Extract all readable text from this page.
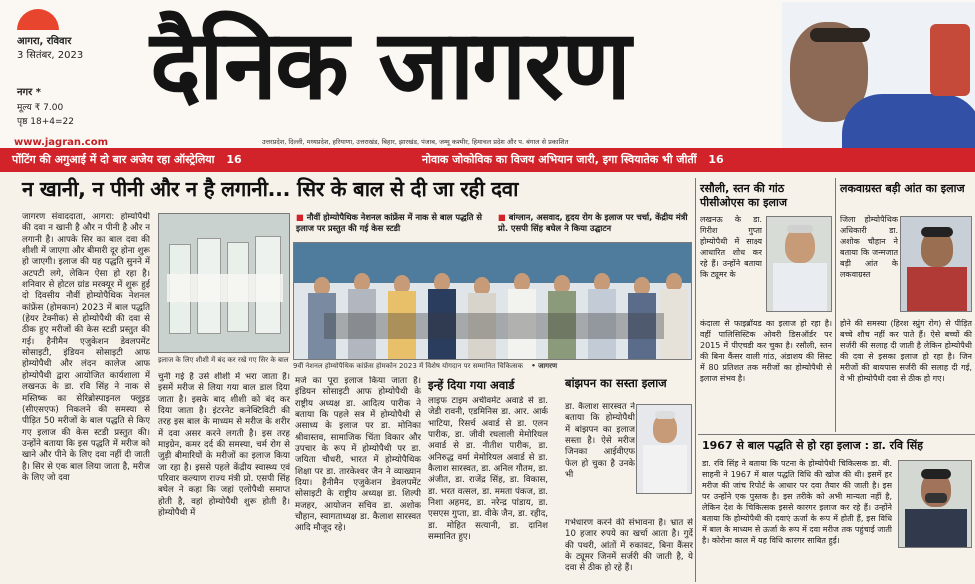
आगरा, रविवार
3 सितंबर, 2023
नगर *
मूल्य ₹ 7.00
पृष्ठ 18+4=22
दैनिक जागरण
उत्तरप्रदेश, दिल्ली, मध्यप्रदेश, हरियाणा, उत्तराखंड, बिहार, झारखंड, पंजाब, जम्मू कश्मीर, हिमाचल प्रदेश और प. बंगाल से प्रकाशित
www.jagran.com
पोंटिंग की अगुआई में दो बार अजेय रहा ऑस्ट्रेलिया 16	नोवाक जोकोविक का विजय अभियान जारी, इगा स्वियातेक भी जीतीं 16
न खानी, न पीनी और न है लगानी... सिर के बाल से दी जा रही दवा
जागरण संवाददाता, आगरा: होम्योपैथी की दवा न खानी है और न पीनी है और न लगानी है। आपके सिर का बाल दवा की शीशी में जाएगा और बीमारी दूर होना शुरू हो जाएगी। इलाज की यह पद्धति सुनने में अटपटी लगे, लेकिन ऐसा हो रहा है। शनिवार से होटल ग्रांड मरक्यूर में शुरू हुई दो दिवसीय नौवीं होम्योपैथिक नेशनल कांफ्रेंस (होमकान) 2023 में बाल पद्धति (हेयर टेक्नीक) से होम्योपैथी की दवा से ठीक हुए मरीजों की केस स्टडी प्रस्तुत की गई। हैनीमैन एजुकेशन डेवलपमेंट सोसाइटी, इंडियन सोसाइटी आफ होम्योपैथी और लंदन कालेज आफ होम्योपैथी द्वारा आयोजित कार्यशाला में लखनऊ के डा. रवि सिंह ने नाक से मस्तिष्क का सेरिब्रोस्पाइनल फ्लूइड (सीएसएफ) निकलने की समस्या से पीड़ित 50 मरीजों के बाल पद्धति से किए गए इलाज की केस स्टडी प्रस्तुत की। उन्होंने बताया कि इस पद्धति में मरीज को खाने और पीने के लिए दवा नहीं दी जाती है। सिर से एक बाल लिया जाता है, मरीज के लिए जो दवा
इलाज के लिए शीशी में बंद कर रखे गए सिर के बाल
■ नौवीं होम्योपैथिक नेशनल कांफ्रेंस में नाक से बाल पद्धति से इलाज पर प्रस्तुत की गई केस स्टडी
■ बांग्लान, असवाद, हृदय रोग के इलाज पर चर्चा, केंद्रीय मंत्री प्रो. एसपी सिंह बघेल ने किया उद्घाटन
9वीं नेशनल होम्योपैथिक कांफ्रेंस होमकोन 2023 में विशेष योगदान पर सम्मानित चिकित्सक • जागरण
चुनी गई है उसे शीशी में भरा जाता है। इसमें मरीज से लिया गया बाल डाल दिया जाता है। इसके बाद शीशी को बंद कर दिया जाता है। इंटरनेट कनेक्टिविटी की तरह इस बाल के माध्यम से मरीज के शरीर में दवा असर करने लगती है। इस तरह माइग्रेन, कमर दर्द की समस्या, चर्म रोग से जुड़ी बीमारियों के मरीजों का इलाज किया जा रहा है। इससे पहले केंद्रीय स्वास्थ्य एवं परिवार कल्याण राज्य मंत्री प्रो. एसपी सिंह बघेल ने कहा कि जहां एलोपैथी समाप्त होती है, वहां होम्योपैथी शुरू होती है। होम्योपैथी में
मर्ज का पूरा इलाज किया जाता है। इंडियन सोसाइटी आफ होम्योपैथी के राष्ट्रीय अध्यक्ष डा. आदित्य पारीक ने बताया कि पहले सत्र में होम्योपैथी से असाध्य के इलाज पर डा. मोनिका श्रीवास्तव, सामाजिक चिंता विकार और उपचार के रूप में होम्योपैथी पर डा. जयिता चौधरी, भारत में होम्योपैथिक शिक्षा पर डा. तारकेश्वर जैन ने व्याख्यान दिया। हैनीमैन एजुकेशन डेवलपमेंट सोसाइटी के राष्ट्रीय अध्यक्ष डा. शिल्पी मजहर, आयोजन सचिव डा. अशोक चौहान, स्वागताध्यक्ष डा. कैलाश सारस्वत आदि मौजूद रहे।
इन्हें दिया गया अवार्ड
लाइफ टाइम अचीवमेंट अवार्ड से डा. जेडी रावनी, एडमिनिस डा. आर. आर्क भाटिया, रिसर्च अवार्ड से डा. एलन पारीक, डा. जीवी रघलाली मेमोरियल अवार्ड से डा. नीतीश पारीक, डा. अनिरुद्ध वर्मा मेमोरियल अवार्ड से डा. कैलाश सारस्वत, डा. अनिल गौतम, डा. अंजीत, डा. राजेंद्र सिंह, डा. विकास, डा. भरत वत्सल, डा. ममता पंकज, डा. निशा अहमद, डा. नरेन्द्र पांडाय, डा. एसएस गुप्ता, डा. वीके जैन, डा. रहीद, डा. मोहित सत्यानी, डा. दानिश सम्मानित हुए।
बांझपन का सस्ता इलाज
डा. कैलाश सारस्वत ने बताया कि होम्योपैथी में बांझपन का इलाज सस्ता है। ऐसे मरीज जिनका आईवीएफ फेल हो चुका है उनके भी
गर्भधारण करने की संभावना है। भ्रात से 10 हजार रुपये का खर्चा आता है। गुर्दे की पथरी, आंतों में रुकावट, बिना कैंसर के ट्यूमर जिनमें सर्जरी की जाती है, ये दवा से ठीक हो रहे हैं।
रसौली, स्तन की गांठ पीसीओएस का इलाज
लखनऊ के डा. गिरीश गुप्ता होम्योपैथी में साक्ष्य आधारित शोध कर रहे हैं। उन्होंने बताया कि ट्यूमर के
कंदाला से फाइब्रॉयड का इलाज हो रहा है। वहीं पालिसिस्टिक ओवरी डिसऑर्डर पर 2015 में पीएचडी कर चुका है। रसौली, स्तन की बिना कैंसर वाली गांठ, अंडाशय की सिस्ट में 80 प्रतिशत तक मरीजों का होम्योपैथी से इलाज संभव है।
लकवाग्रस्त बड़ी आंत का इलाज
जिला होम्योपैथिक अधिकारी डा. अशोक चौहान ने बताया कि जन्मजात बड़ी आंत के लकवाग्रस्त
होने की समस्या (हिरश स्प्रुंग रोग) से पीड़ित बच्चे शौच नहीं कर पाते हैं। ऐसे बच्चों की सर्जरी की सलाह दी जाती है लेकिन होम्योपैथी की दवा से इसका इलाज हो रहा है। जिन मरीजों की बायपास सर्जरी की सलाह दी गई, वे भी होम्योपैथी दवा से ठीक हो गए।
1967 से बाल पद्धति से हो रहा इलाज : डा. रवि सिंह
डा. रवि सिंह ने बताया कि पटना के होम्योपैथी चिकित्सक डा. बी. साहनी ने 1967 में बाल पद्धति विधि की खोज की थी। इसमें हर मरीज की जांच रिपोर्ट के आधार पर दवा तैयार की जाती है। इस पर उन्होंने एक पुस्तक है। इस तरीके को अभी मान्यता नहीं है, लेकिन देश के चिकित्सक इससे कारगर इलाज कर रहे हैं। उन्होंने बताया कि होम्योपैथी की दवाएं ऊर्जा के रूप में होती हैं, इस विधि में बाल के माध्यम से ऊर्जा के रूप में दवा मरीज तक पहुंचाई जाती है। कोरोना काल में यह विधि कारगर साबित हुई।
